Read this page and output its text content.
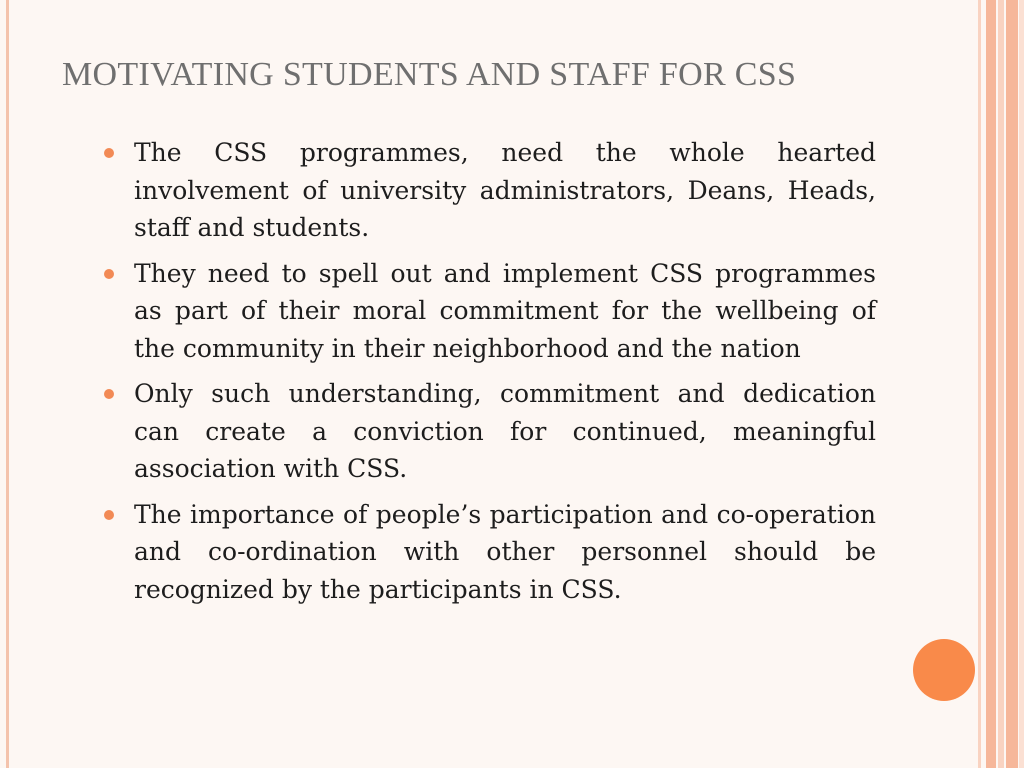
MOTIVATING STUDENTS AND STAFF FOR CSS
The CSS programmes, need the whole hearted involvement of university administrators, Deans, Heads, staff and students.
They need to spell out and implement CSS programmes as part of their moral commitment for the wellbeing of the community in their neighborhood and the nation
Only such understanding, commitment and dedication can create a conviction for continued, meaningful association with CSS.
The importance of people’s participation and co-operation and co-ordination with other personnel should be recognized by the participants in CSS.
